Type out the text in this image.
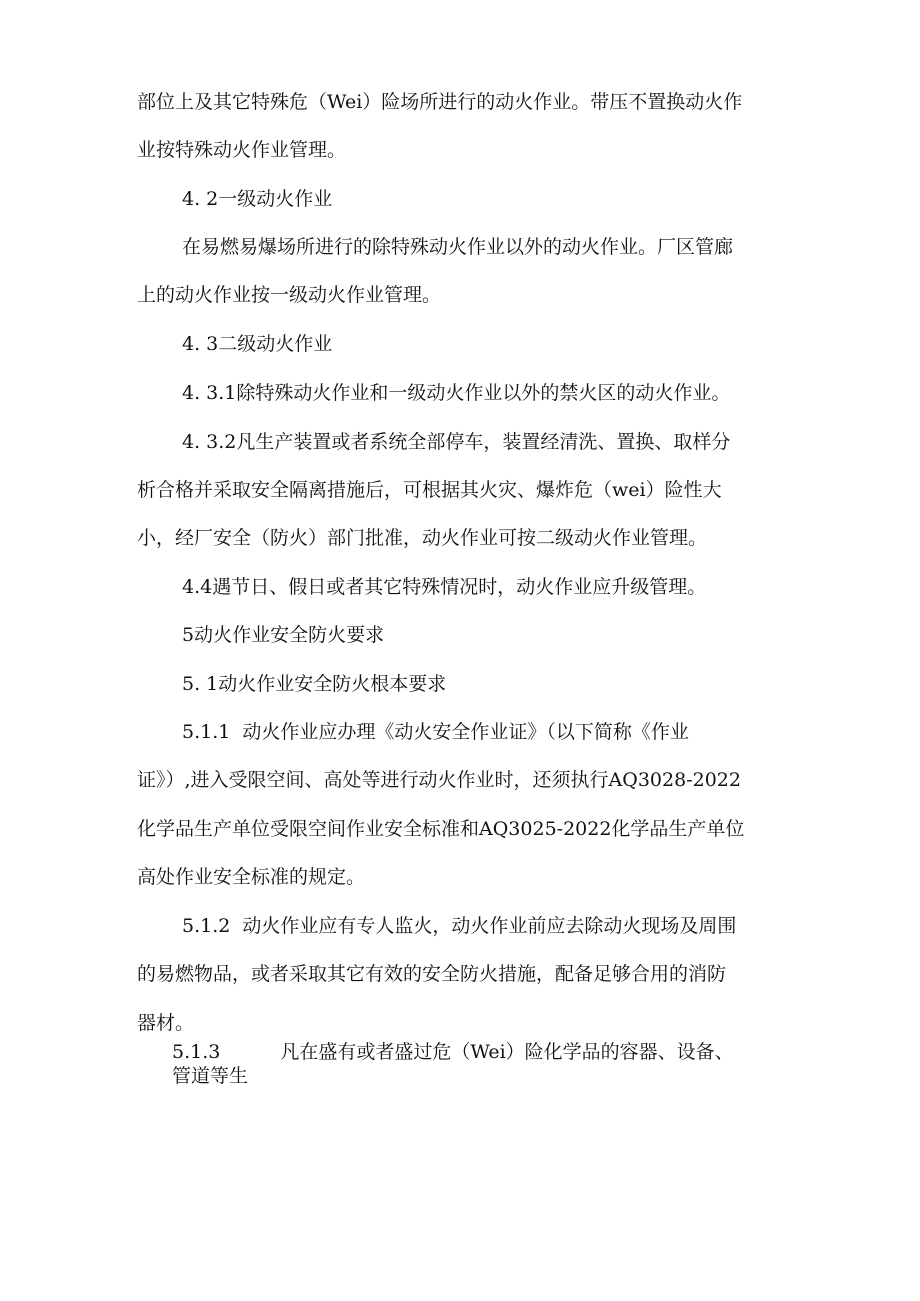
部位上及其它特殊危（Wei）险场所进行的动火作业。带压不置换动火作

业按特殊动火作业管理。

4. 2一级动火作业

在易燃易爆场所进行的除特殊动火作业以外的动火作业。厂区管廊

上的动火作业按一级动火作业管理。

4. 3二级动火作业

4. 3.1除特殊动火作业和一级动火作业以外的禁火区的动火作业。

4. 3.2凡生产装置或者系统全部停车，装置经清洗、置换、取样分

析合格并采取安全隔离措施后，可根据其火灾、爆炸危（wei）险性大

小，经厂安全（防火）部门批准，动火作业可按二级动火作业管理。

4.4遇节日、假日或者其它特殊情况时，动火作业应升级管理。

5动火作业安全防火要求

5. 1动火作业安全防火根本要求

5.1.1  动火作业应办理《动火安全作业证》（以下简称《作业

证》）,进入受限空间、高处等进行动火作业时，还须执行AQ3028-2022

化学品生产单位受限空间作业安全标准和AQ3025-2022化学品生产单位

高处作业安全标准的规定。

5.1.2  动火作业应有专人监火，动火作业前应去除动火现场及周围

的易燃物品，或者采取其它有效的安全防火措施，配备足够合用的消防

器材。

5.1.3	凡在盛有或者盛过危（Wei）险化学品的容器、设备、

管道等生
